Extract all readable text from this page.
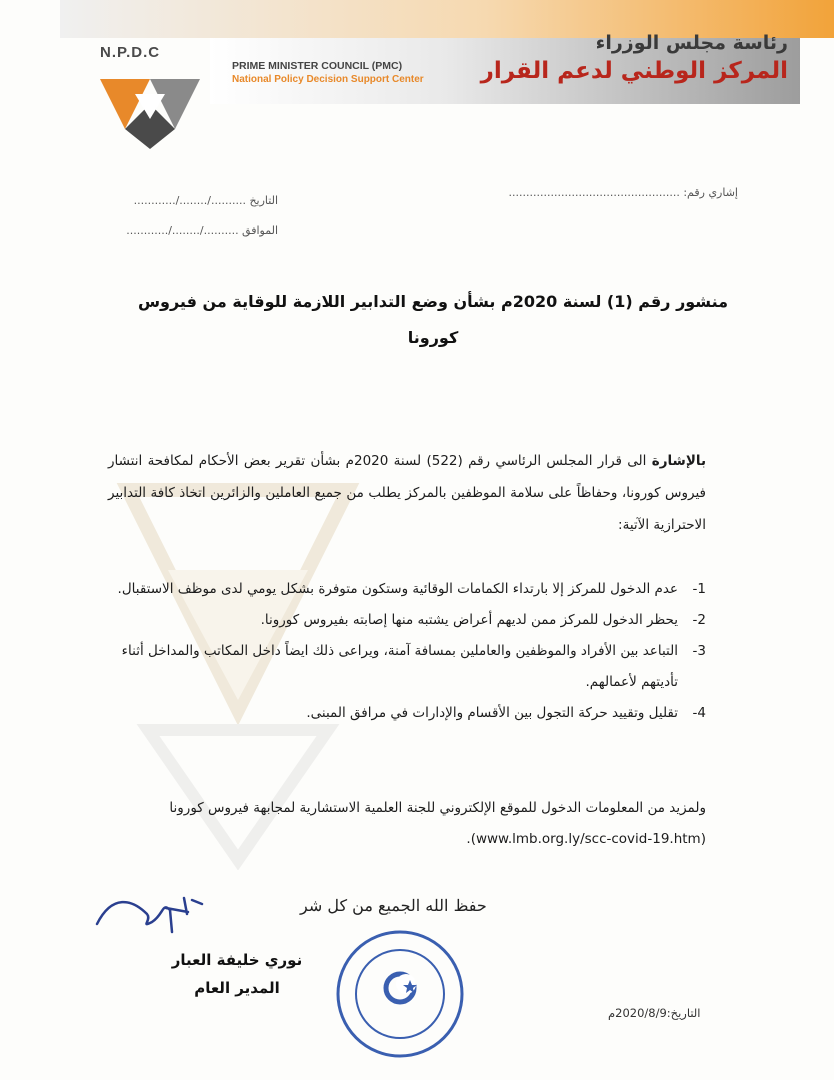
N.P.D.C
PRIME MINISTER COUNCIL (PMC)
National Policy Decision Support Center
رئاسة مجلس الوزراء
المركز الوطني لدعم القرار
التاريخ ........../......../............
الموافق ........../......../............
إشاري رقم: .................................................
منشور رقم (1) لسنة 2020م بشأن وضع التدابير اللازمة للوقاية من فيروس كورونا
بالإشارة الى قرار المجلس الرئاسي رقم (522) لسنة 2020م بشأن تقرير بعض الأحكام لمكافحة انتشار فيروس كورونا، وحفاظاً على سلامة الموظفين بالمركز يطلب من جميع العاملين والزائرين اتخاذ كافة التدابير الاحترازية الآتية:
1-
عدم الدخول للمركز إلا بارتداء الكمامات الوقائية وستكون متوفرة بشكل يومي لدى موظف الاستقبال.
2-
يحظر الدخول للمركز ممن لديهم أعراض يشتبه منها إصابته بفيروس كورونا.
3-
التباعد بين الأفراد والموظفين والعاملين بمسافة آمنة، ويراعى ذلك ايضاً داخل المكاتب والمداخل أثناء تأديتهم لأعمالهم.
4-
تقليل وتقييد حركة التجول بين الأقسام والإدارات في مرافق المبنى.
ولمزيد من المعلومات الدخول للموقع الإلكتروني للجنة العلمية الاستشارية لمجابهة فيروس كورونا (www.lmb.org.ly/scc-covid-19.htm).
حفظ الله الجميع من كل شر
نوري خليفة العبار
المدير العام
التاريخ:2020/8/9م
